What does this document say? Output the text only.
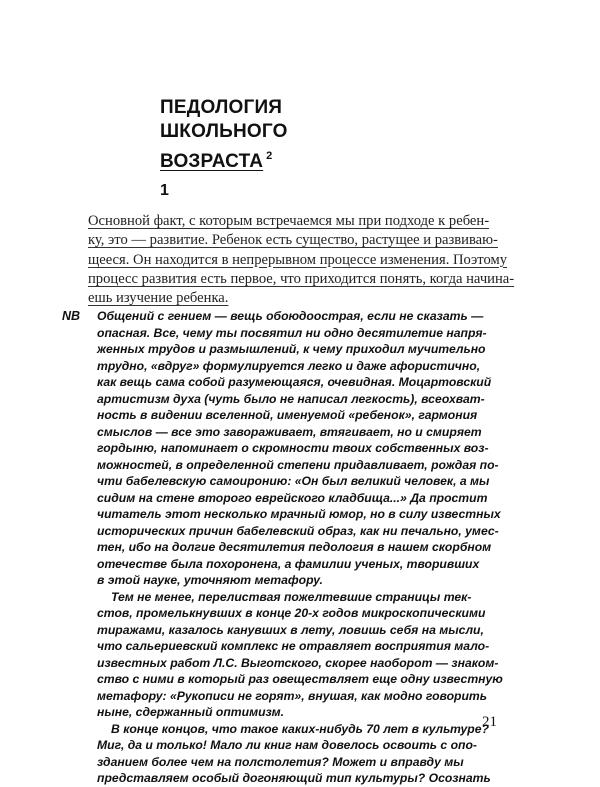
ПЕДОЛОГИЯ
ШКОЛЬНОГО
ВОЗРАСТА $^2$
1
Основной факт, с которым встречаемся мы при подходе к ребен-
ку, это — развитие. Ребенок есть существо, растущее и развиваю-
щееся. Он находится в непрерывном процессе изменения. Поэтому
процесс развития есть первое, что приходится понять, когда начина-
ешь изучение ребенка.
NB Общений с гением — вещь обоюдоострая, если не сказать —
опасная. Все, чему ты посвятил ни одно десятилетие напря-
женных трудов и размышлений, к чему приходил мучительно
трудно, «вдруг» формулируется легко и даже афористично,
как вещь сама собой разумеющаяся, очевидная. Моцартовский
артистизм духа (чуть было не написал легкость), всеохват-
ность в видении вселенной, именуемой «ребенок», гармония
смыслов — все это завораживает, втягивает, но и смиряет
гордыню, напоминает о скромности твоих собственных воз-
можностей, в определенной степени придавливает, рождая по-
чти бабелевскую самоиронию: «Он был великий человек, а мы
сидим на стене второго еврейского кладбища...» Да простит
читатель этот несколько мрачный юмор, но в силу известных
исторических причин бабелевский образ, как ни печально, умес-
тен, ибо на долгие десятилетия педология в нашем скорбном
отечестве была похоронена, а фамилии ученых, творивших
в этой науке, уточняют метафору.
Тем не менее, перелиствая пожелтевшие страницы тек-
стов, промелькнувших в конце 20-х годов микроскопическими
тиражами, казалось канувших в лету, ловишь себя на мысли,
что сальериевский комплекс не отравляет восприятия мало-
известных работ Л.С. Выготского, скорее наоборот — знаком-
ство с ними в который раз овеществляет еще одну известную
метафору: «Рукописи не горят», внушая, как модно говорить
ныне, сдержанный оптимизм.
В конце концов, что такое каких-нибудь 70 лет в культуре?
Миг, да и только! Мало ли книг нам довелось освоить с опо-
зданием более чем на полстолетия? Может и вправду мы
представляем особый догоняющий тип культуры? Осознать
21
